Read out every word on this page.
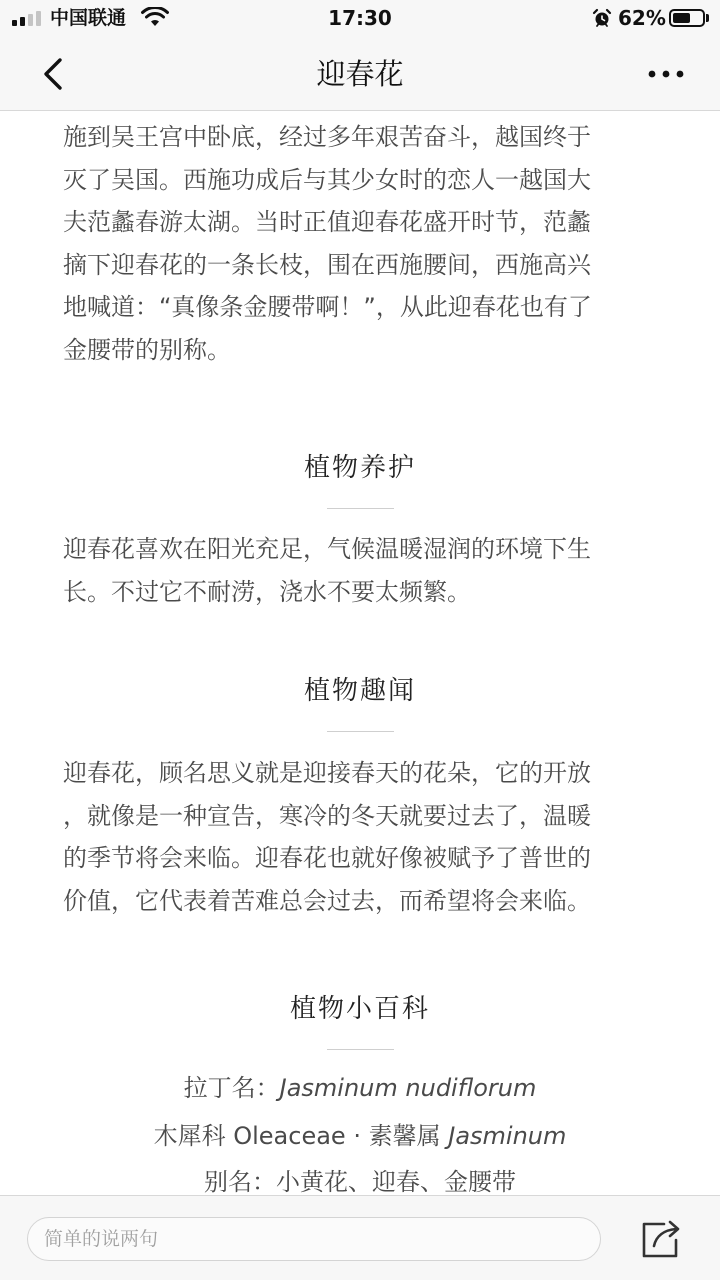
中国联通	17:30	62%
迎春花
施到吴王宫中卧底，经过多年艰苦奋斗，越国终于
灭了吴国。西施功成后与其少女时的恋人一越国大
夫范蠡春游太湖。当时正值迎春花盛开时节，范蠡
摘下迎春花的一条长枝，围在西施腰间，西施高兴
地喊道：“真像条金腰带啊！”，从此迎春花也有了
金腰带的别称。
植物养护
迎春花喜欢在阳光充足，气候温暖湿润的环境下生
长。不过它不耐涝，浇水不要太频繁。
植物趣闻
迎春花，顾名思义就是迎接春天的花朵，它的开放
，就像是一种宣告，寒冷的冬天就要过去了，温暖
的季节将会来临。迎春花也就好像被赋予了普世的
价值，它代表着苦难总会过去，而希望将会来临。
植物小百科
拉丁名：Jasminum nudiflorum
木犀科 Oleaceae · 素馨属 Jasminum
别名：小黄花、迎春、金腰带
简单的说两句
